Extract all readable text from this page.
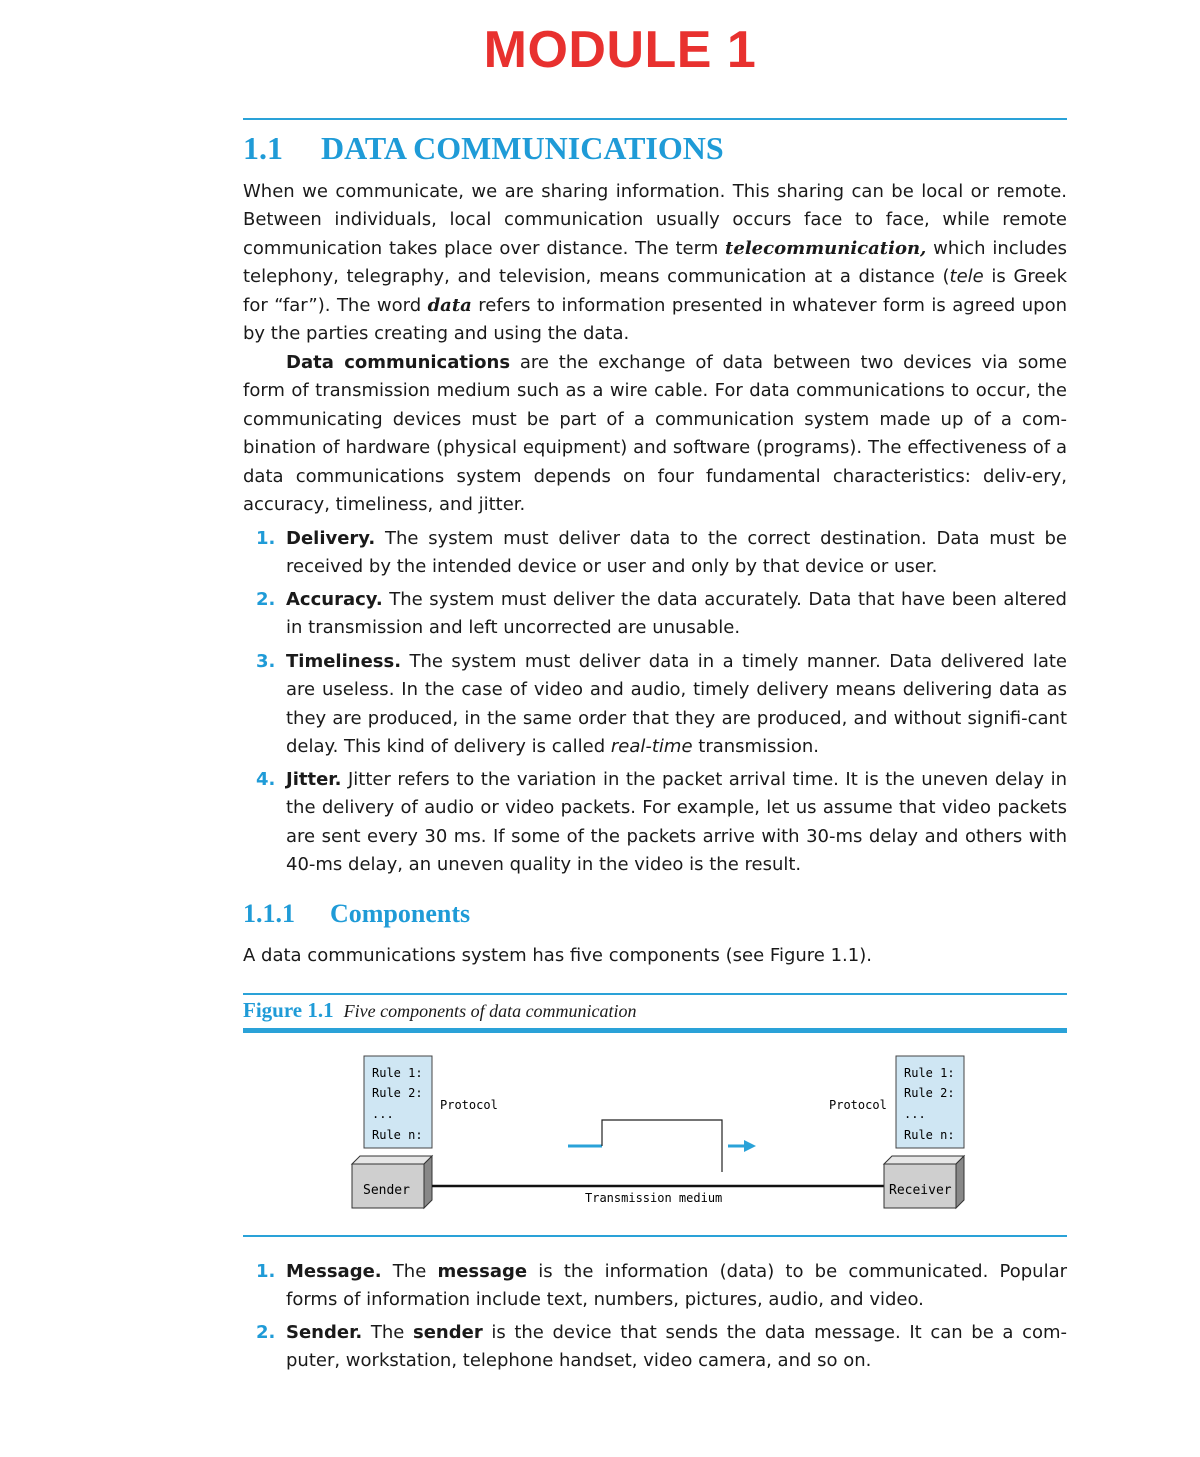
MODULE 1
1.1 DATA COMMUNICATIONS

When we communicate, we are sharing information. This sharing can be local or remote. Between individuals, local communication usually occurs face to face, while remote communication takes place over distance. The term telecommunication, which includes telephony, telegraphy, and television, means communication at a distance (tele is Greek for “far”). The word data refers to information presented in whatever form is agreed upon by the parties creating and using the data.

Data communications are the exchange of data between two devices via some form of transmission medium such as a wire cable. For data communications to occur, the communicating devices must be part of a communication system made up of a com-bination of hardware (physical equipment) and software (programs). The effectiveness of a data communications system depends on four fundamental characteristics: deliv-ery, accuracy, timeliness, and jitter.

1. Delivery. The system must deliver data to the correct destination. Data must be received by the intended device or user and only by that device or user.
2. Accuracy. The system must deliver the data accurately. Data that have been altered in transmission and left uncorrected are unusable.
3. Timeliness. The system must deliver data in a timely manner. Data delivered late are useless. In the case of video and audio, timely delivery means delivering data as they are produced, in the same order that they are produced, and without signifi-cant delay. This kind of delivery is called real-time transmission.
4. Jitter. Jitter refers to the variation in the packet arrival time. It is the uneven delay in the delivery of audio or video packets. For example, let us assume that video packets are sent every 30 ms. If some of the packets arrive with 30-ms delay and others with 40-ms delay, an uneven quality in the video is the result.
1.1.1 Components

A data communications system has five components (see Figure 1.1).

Figure 1.1 Five components of data communication
Rule 1:
Rule 2:
...
Rule n:
Protocol
Rule 1:
Rule 2:
...
Rule n:
Protocol
Sender	Transmission medium	Receiver
1. Message. The message is the information (data) to be communicated. Popular forms of information include text, numbers, pictures, audio, and video.
2. Sender. The sender is the device that sends the data message. It can be a com-puter, workstation, telephone handset, video camera, and so on.
